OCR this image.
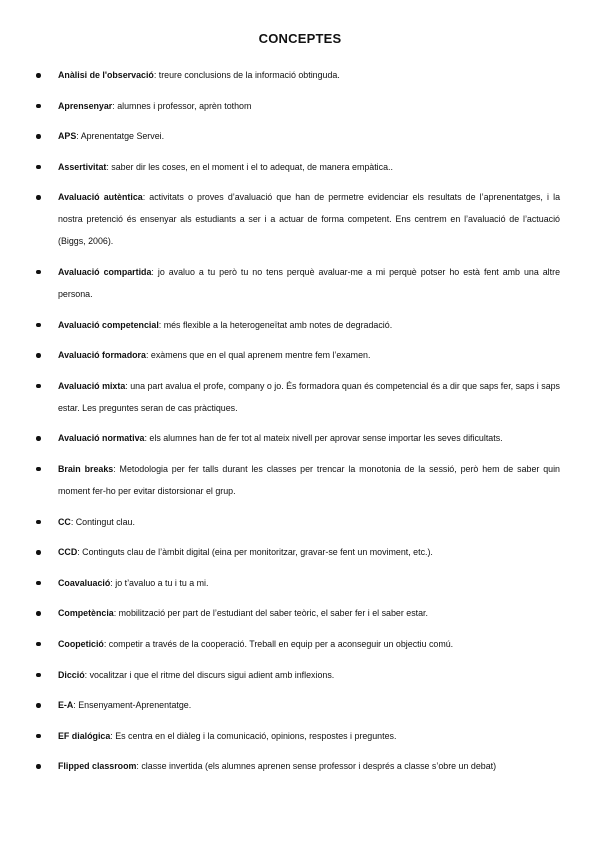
CONCEPTES
Anàlisi de l'observació: treure conclusions de la informació obtinguda.
Aprensenyar: alumnes i professor, aprèn tothom
APS: Aprenentatge Servei.
Assertivitat: saber dir les coses, en el moment i el to adequat, de manera empàtica..
Avaluació autèntica: activitats o proves d’avaluació que han de permetre evidenciar els resultats de l’aprenentatges, i la nostra pretenció és ensenyar als estudiants a ser i a actuar de forma competent. Ens centrem en l’avaluació de l’actuació (Biggs, 2006).
Avaluació compartida: jo avaluo a tu però tu no tens perquè avaluar-me a mi perquè potser ho està fent amb una altre persona.
Avaluació competencial: més flexible a la heterogeneïtat amb notes de degradació.
Avaluació formadora: exàmens que en el qual aprenem mentre fem l’examen.
Avaluació mixta: una part avalua el profe, company o jo. És formadora quan és competencial és a dir que saps fer, saps i saps estar. Les preguntes seran de cas pràctiques.
Avaluació normativa: els alumnes han de fer tot al mateix nivell per aprovar sense importar les seves dificultats.
Brain breaks: Metodologia per fer talls durant les classes per trencar la monotonia de la sessió, però hem de saber quin moment fer-ho per evitar distorsionar el grup.
CC: Contingut clau.
CCD: Continguts clau de l’àmbit digital (eina per monitoritzar, gravar-se fent un moviment, etc.).
Coavaluació: jo t’avaluo a tu i tu a mi.
Competència: mobilització per part de l’estudiant del saber teòric, el saber fer i el saber estar.
Coopetició: competir a través de la cooperació. Treball en equip per a aconseguir un objectiu comú.
Dicció: vocalitzar i que el ritme del discurs sigui adient amb inflexions.
E-A: Ensenyament-Aprenentatge.
EF dialógica: Es centra en el diàleg i la comunicació, opinions, respostes i preguntes.
Flipped classroom: classe invertida (els alumnes aprenen sense professor i després a classe s’obre un debat)
